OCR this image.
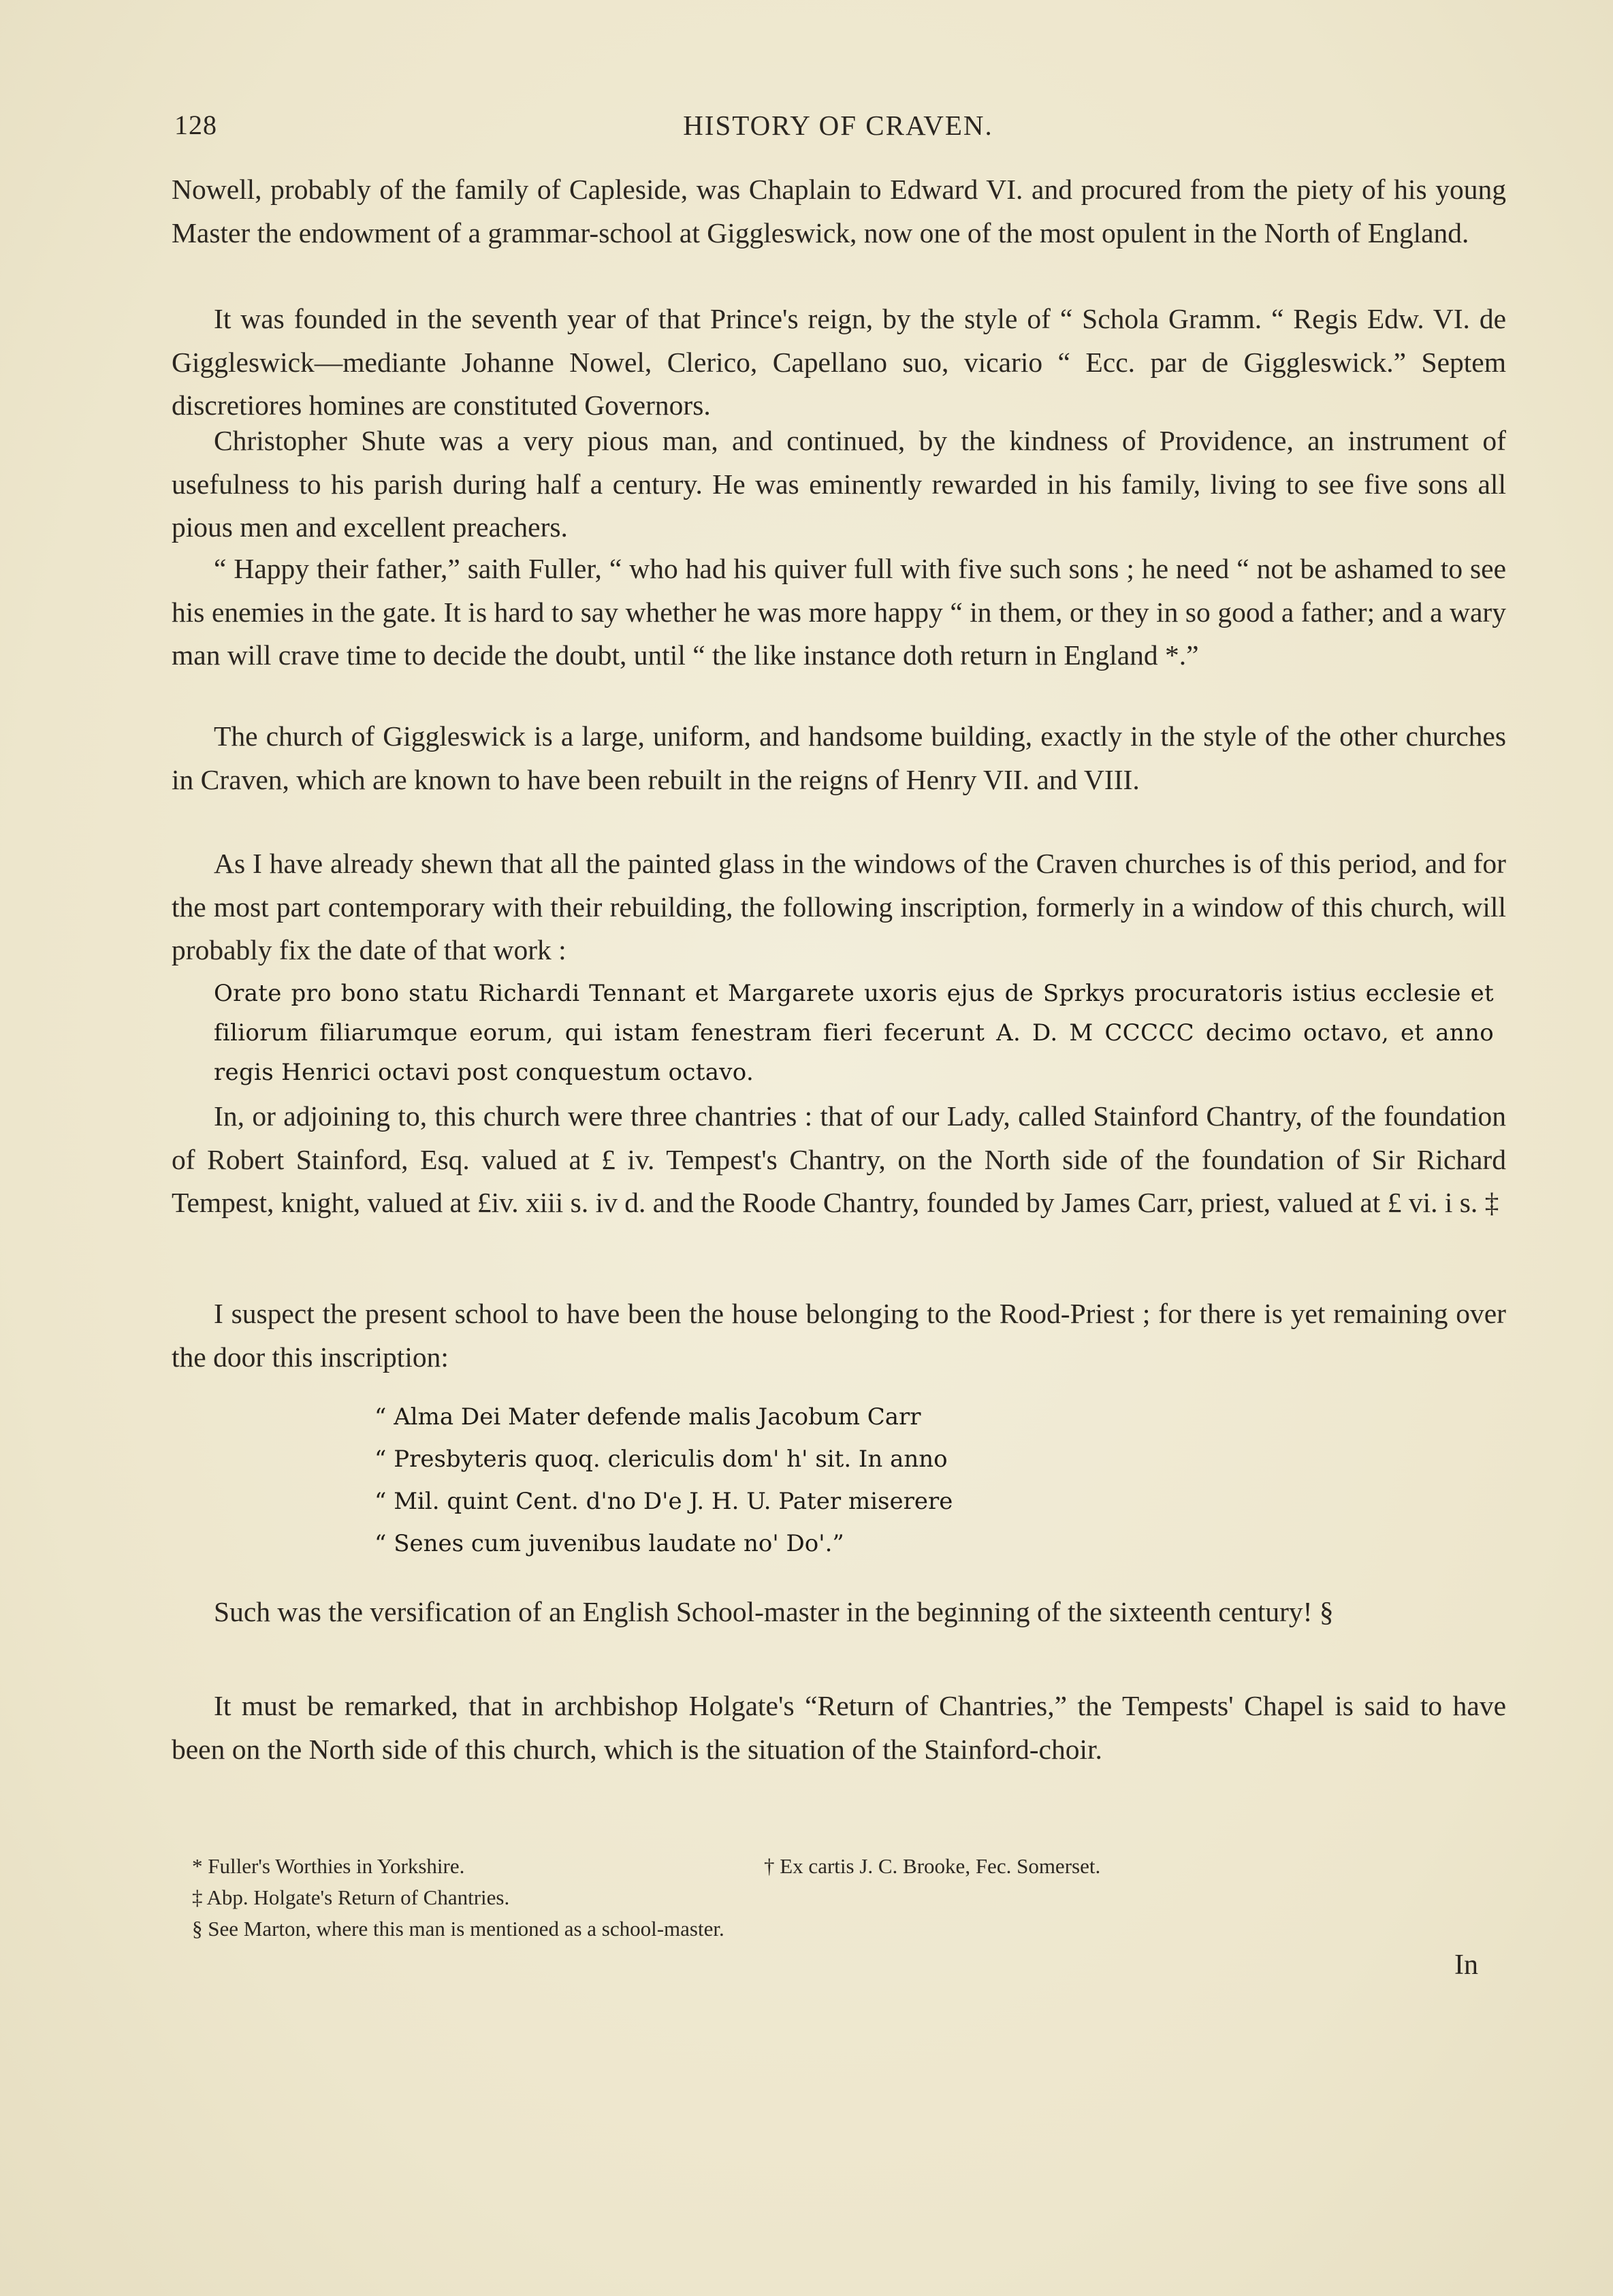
128	HISTORY OF CRAVEN.
Nowell, probably of the family of Capleside, was Chaplain to Edward VI. and procured from the piety of his young Master the endowment of a grammar-school at Giggleswick, now one of the most opulent in the North of England.
It was founded in the seventh year of that Prince's reign, by the style of “ Schola Gramm. “ Regis Edw. VI. de Giggleswick—mediante Johanne Nowel, Clerico, Capellano suo, vicario “ Ecc. par de Giggleswick.” Septem discretiores homines are constituted Governors.
Christopher Shute was a very pious man, and continued, by the kindness of Providence, an instrument of usefulness to his parish during half a century. He was eminently rewarded in his family, living to see five sons all pious men and excellent preachers.
“ Happy their father,” saith Fuller, “ who had his quiver full with five such sons ; he need “ not be ashamed to see his enemies in the gate. It is hard to say whether he was more happy “ in them, or they in so good a father; and a wary man will crave time to decide the doubt, until “ the like instance doth return in England *.”
The church of Giggleswick is a large, uniform, and handsome building, exactly in the style of the other churches in Craven, which are known to have been rebuilt in the reigns of Henry VII. and VIII.
As I have already shewn that all the painted glass in the windows of the Craven churches is of this period, and for the most part contemporary with their rebuilding, the following inscription, formerly in a window of this church, will probably fix the date of that work :
Orate pro bono statu Richardi Tennant et Margarete uxoris ejus de Sprkys procuratoris istius ecclesie et filiorum filiarumque eorum, qui istam fenestram fieri fecerunt A. D. M CCCCC decimo octavo, et anno regis Henrici octavi post conquestum octavo.
In, or adjoining to, this church were three chantries : that of our Lady, called Stainford Chantry, of the foundation of Robert Stainford, Esq. valued at £ iv. Tempest's Chantry, on the North side of the foundation of Sir Richard Tempest, knight, valued at £iv. xiii s. iv d. and the Roode Chantry, founded by James Carr, priest, valued at £ vi. i s. ‡
I suspect the present school to have been the house belonging to the Rood-Priest ; for there is yet remaining over the door this inscription:
“ Alma Dei Mater defende malis Jacobum Carr
“ Presbyteris quoq. clericulis dom' h' sit. In anno
“ Mil. quint Cent. d'no D'e J. H. U. Pater miserere
“ Senes cum juvenibus laudate no' Do'.”
Such was the versification of an English School-master in the beginning of the sixteenth century! §
It must be remarked, that in archbishop Holgate's “Return of Chantries,” the Tempests' Chapel is said to have been on the North side of this church, which is the situation of the Stainford-choir.
* Fuller's Worthies in Yorkshire.	† Ex cartis J. C. Brooke, Fec. Somerset.
‡ Abp. Holgate's Return of Chantries.
§ See Marton, where this man is mentioned as a school-master.
In
